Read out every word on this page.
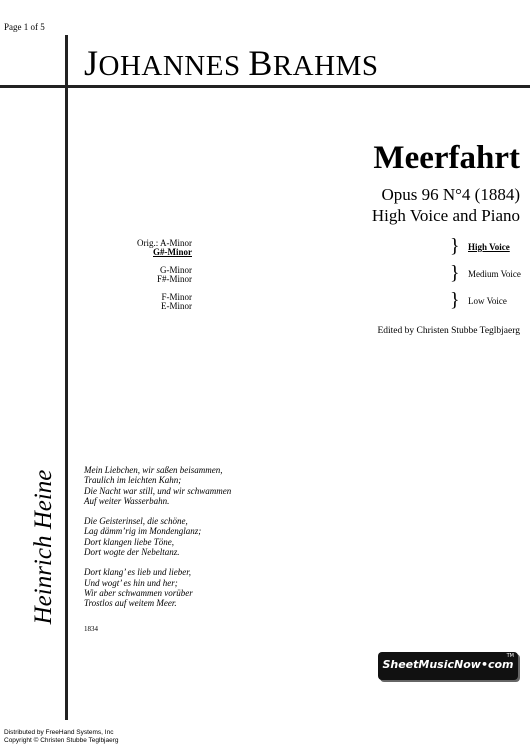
Page 1 of 5
JOHANNES BRAHMS
Meerfahrt
Opus 96 N°4 (1884)
High Voice and Piano
Orig.: A-Minor
G#-Minor	} High Voice
G-Minor
F#-Minor	} Medium Voice
F-Minor
E-Minor	} Low Voice
Edited by Christen Stubbe Teglbjaerg
Heinrich Heine	Mein Liebchen, wir saßen beisammen,
Traulich im leichten Kahn;
Die Nacht war still, und wir schwammen
Auf weiter Wasserbahn.
Die Geisterinsel, die schöne,
Lag dämm’rig im Mondenglanz;
Dort klangen liebe Töne,
Dort wogte der Nebeltanz.
Dort klang’ es lieb und lieber,
Und wogt’ es hin und her;
Wir aber schwammen vorüber
Trostlos auf weitem Meer.
1834
SheetMusicNow•com
TM
Distributed by FreeHand Systems, Inc
Copyright © Christen Stubbe Teglbjaerg
